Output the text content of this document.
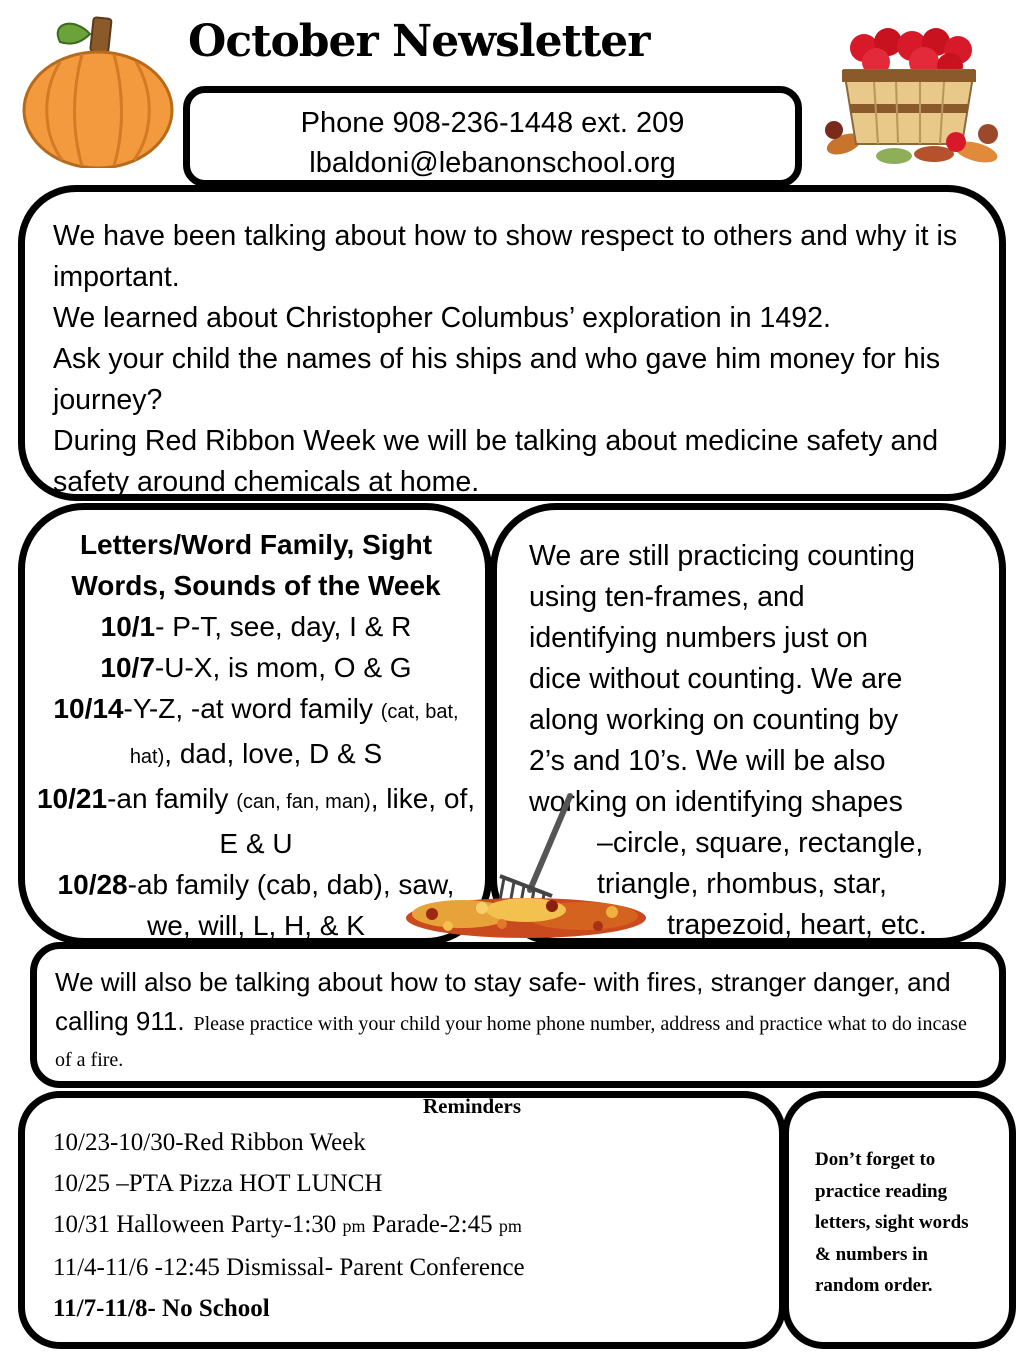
October Newsletter
Phone 908-236-1448 ext. 209
lbaldoni@lebanonschool.org

We have been talking about how to show respect to others and why it is important.

We learned about Christopher Columbus’ exploration in 1492.

Ask your child the names of his ships and who gave him money for his journey?

During Red Ribbon Week we will be talking about medicine safety and safety around chemicals at home.

Letters/Word Family, Sight Words, Sounds of the Week

10/1- P-T, see, day, I & R

10/7-U-X, is mom, O & G

10/14-Y-Z, -at word family (cat, bat, hat), dad, love, D & S

10/21-an family (can, fan, man), like, of, E & U

10/28-ab family (cab, dab), saw, we, will, L, H, & K

We are still practicing counting
using ten-frames, and
identifying numbers just on
dice without counting. We are
along working on counting by
2’s and 10’s. We will be also
working on identifying shapes
–circle, square, rectangle,
triangle, rhombus, star,
trapezoid, heart, etc.
We will also be talking about how to stay safe- with fires, stranger danger, and calling 911. Please practice with your child your home phone number, address and practice what to do incase of a fire.
Reminders
10/23-10/30-Red Ribbon Week
10/25 –PTA Pizza HOT LUNCH
10/31 Halloween Party-1:30 pm Parade-2:45 pm
11/4-11/6 -12:45 Dismissal- Parent Conference
11/7-11/8- No School
Don’t forget to
practice reading
letters, sight words
& numbers in
random order.
